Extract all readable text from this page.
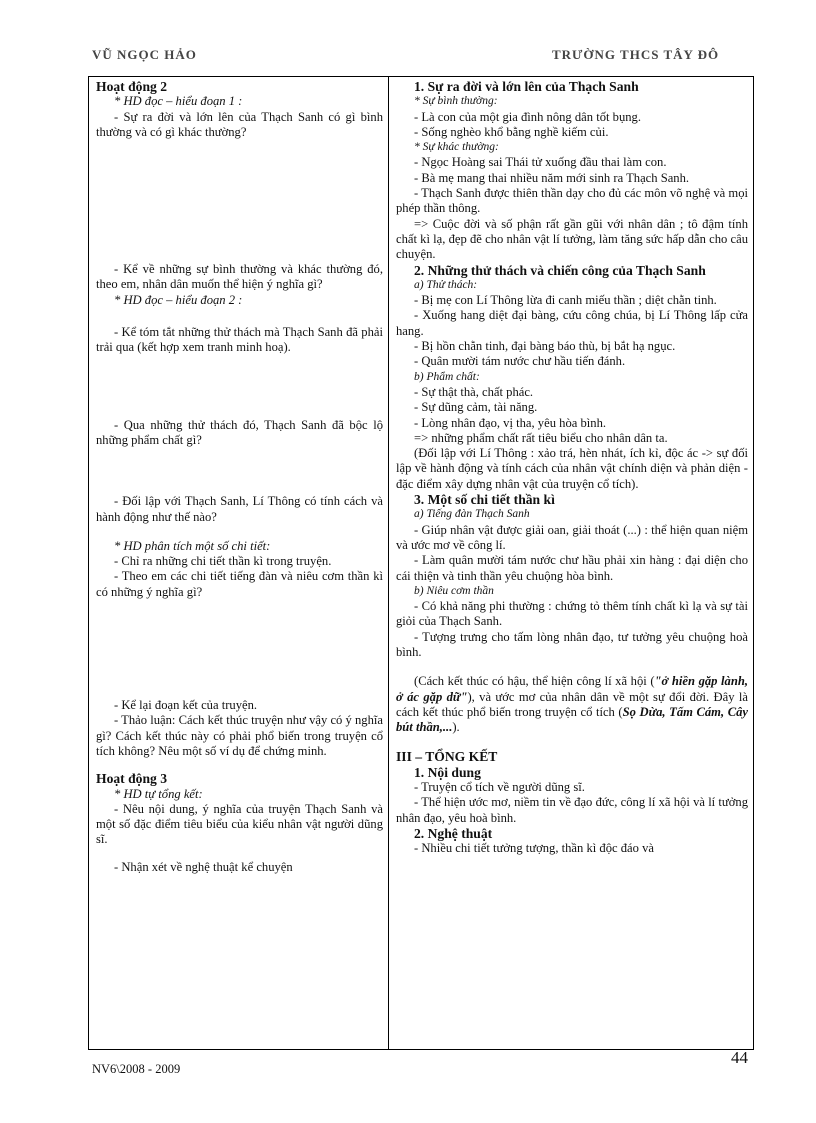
VŨ NGỌC HẢO	TRƯỜNG THCS TÂY ĐÔ
Hoạt động 2
* HD đọc – hiểu đoạn 1 :
- Sự ra đời và lớn lên của Thạch Sanh có gì bình thường và có gì khác thường?
- Kể về những sự bình thường và khác thường đó, theo em, nhân dân muốn thể hiện ý nghĩa gì?
* HD đọc – hiểu đoạn 2 :
- Kể tóm tắt những thử thách mà Thạch Sanh đã phải trải qua (kết hợp xem tranh minh hoạ).
- Qua những thử thách đó, Thạch Sanh đã bộc lộ những phẩm chất gì?
- Đối lập với Thạch Sanh, Lí Thông có tính cách và hành động như thế nào?
* HD phân tích một số chi tiết:
- Chỉ ra những chi tiết thần kì trong truyện.
- Theo em các chi tiết tiếng đàn và niêu cơm thần kì có những ý nghĩa gì?
- Kể lại đoạn kết của truyện.
- Thảo luận: Cách kết thúc truyện như vậy có ý nghĩa gì? Cách kết thúc này có phải phổ biến trong truyện cổ tích không? Nêu một số ví dụ để chứng minh.
Hoạt động 3
* HD tự tổng kết:
- Nêu nội dung, ý nghĩa của truyện Thạch Sanh và một số đặc điểm tiêu biểu của kiểu nhân vật người dũng sĩ.
- Nhận xét về nghệ thuật kể chuyện
1. Sự ra đời và lớn lên của Thạch Sanh
* Sự bình thường:
- Là con của một gia đình nông dân tốt bụng.
- Sống nghèo khổ bằng nghề kiếm củi.
* Sự khác thường:
- Ngọc Hoàng sai Thái tử xuống đầu thai làm con.
- Bà mẹ mang thai nhiều năm mới sinh ra Thạch Sanh.
- Thạch Sanh được thiên thần dạy cho đủ các môn võ nghệ và mọi phép thần thông.
=> Cuộc đời và số phận rất gần gũi với nhân dân ; tô đậm tính chất kì lạ, đẹp đẽ cho nhân vật lí tưởng, làm tăng sức hấp dẫn cho câu chuyện.
2. Những thử thách và chiến công của Thạch Sanh
a) Thử thách:
- Bị mẹ con Lí Thông lừa đi canh miếu thần ; diệt chằn tinh.
- Xuống hang diệt đại bàng, cứu công chúa, bị Lí Thông lấp cửa hang.
- Bị hồn chằn tinh, đại bàng báo thù, bị bắt hạ ngục.
- Quân mười tám nước chư hầu tiến đánh.
b) Phẩm chất:
- Sự thật thà, chất phác.
- Sự dũng cảm, tài năng.
- Lòng nhân đạo, vị tha, yêu hòa bình.
=> những phẩm chất rất tiêu biểu cho nhân dân ta.
(Đối lập với Lí Thông : xảo trá, hèn nhát, ích kỉ, độc ác -> sự đối lập về hành động và tính cách của nhân vật chính diện và phản diện - đặc điểm xây dựng nhân vật của truyện cổ tích).
3. Một số chi tiết thần kì
a) Tiếng đàn Thạch Sanh
- Giúp nhân vật được giải oan, giải thoát (...) : thể hiện quan niệm và ước mơ về công lí.
- Làm quân mười tám nước chư hầu phải xin hàng : đại diện cho cái thiện và tinh thần yêu chuộng hòa bình.
b) Niêu cơm thần
- Có khả năng phi thường : chứng tỏ thêm tính chất kì lạ và sự tài giỏi của Thạch Sanh.
- Tượng trưng cho tấm lòng nhân đạo, tư tưởng yêu chuộng hoà bình.
(Cách kết thúc có hậu, thể hiện công lí xã hội ("ở hiền gặp lành, ở ác gặp dữ"), và ước mơ của nhân dân về một sự đổi đời. Đây là cách kết thúc phổ biến trong truyện cổ tích (Sọ Dừa, Tấm Cám, Cây bút thần,...).
III – TỔNG KẾT
1. Nội dung
- Truyện cổ tích về người dũng sĩ.
- Thể hiện ước mơ, niềm tin về đạo đức, công lí xã hội và lí tưởng nhân đạo, yêu hoà bình.
2. Nghệ thuật
- Nhiều chi tiết tưởng tượng, thần kì độc đáo và
44
NV6\2008 - 2009
